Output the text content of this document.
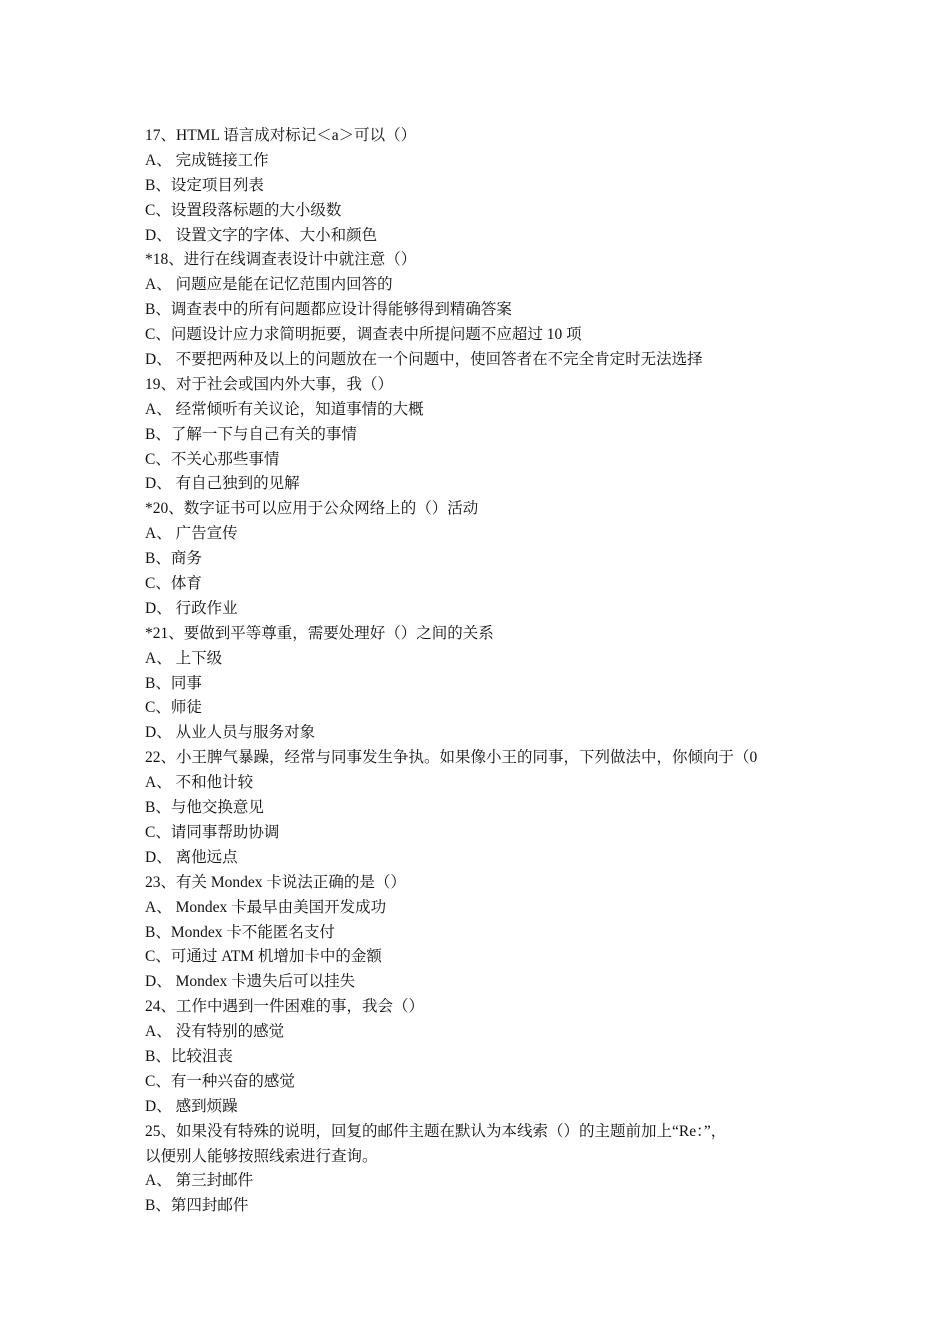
17、HTML 语言成对标记＜a＞可以（）
A、 完成链接工作
B、设定项目列表
C、设置段落标题的大小级数
D、 设置文字的字体、大小和颜色
*18、进行在线调查表设计中就注意（）
A、 问题应是能在记忆范围内回答的
B、调查表中的所有问题都应设计得能够得到精确答案
C、问题设计应力求简明扼要，调查表中所提问题不应超过 10 项
D、 不要把两种及以上的问题放在一个问题中，使回答者在不完全肯定时无法选择
19、对于社会或国内外大事，我（）
A、 经常倾听有关议论，知道事情的大概
B、了解一下与自己有关的事情
C、不关心那些事情
D、 有自己独到的见解
*20、数字证书可以应用于公众网络上的（）活动
A、 广告宣传
B、商务
C、体育
D、 行政作业
*21、要做到平等尊重，需要处理好（）之间的关系
A、 上下级
B、同事
C、师徒
D、 从业人员与服务对象
22、小王脾气暴躁，经常与同事发生争执。如果像小王的同事，下列做法中，你倾向于（0
A、 不和他计较
B、与他交换意见
C、请同事帮助协调
D、 离他远点
23、有关 Mondex 卡说法正确的是（）
A、 Mondex 卡最早由美国开发成功
B、Mondex 卡不能匿名支付
C、可通过 ATM 机增加卡中的金额
D、 Mondex 卡遗失后可以挂失
24、工作中遇到一件困难的事，我会（）
A、 没有特别的感觉
B、比较沮丧
C、有一种兴奋的感觉
D、 感到烦躁
25、如果没有特殊的说明，回复的邮件主题在默认为本线索（）的主题前加上“Re：”，
以便别人能够按照线索进行查询。
A、 第三封邮件
B、第四封邮件
